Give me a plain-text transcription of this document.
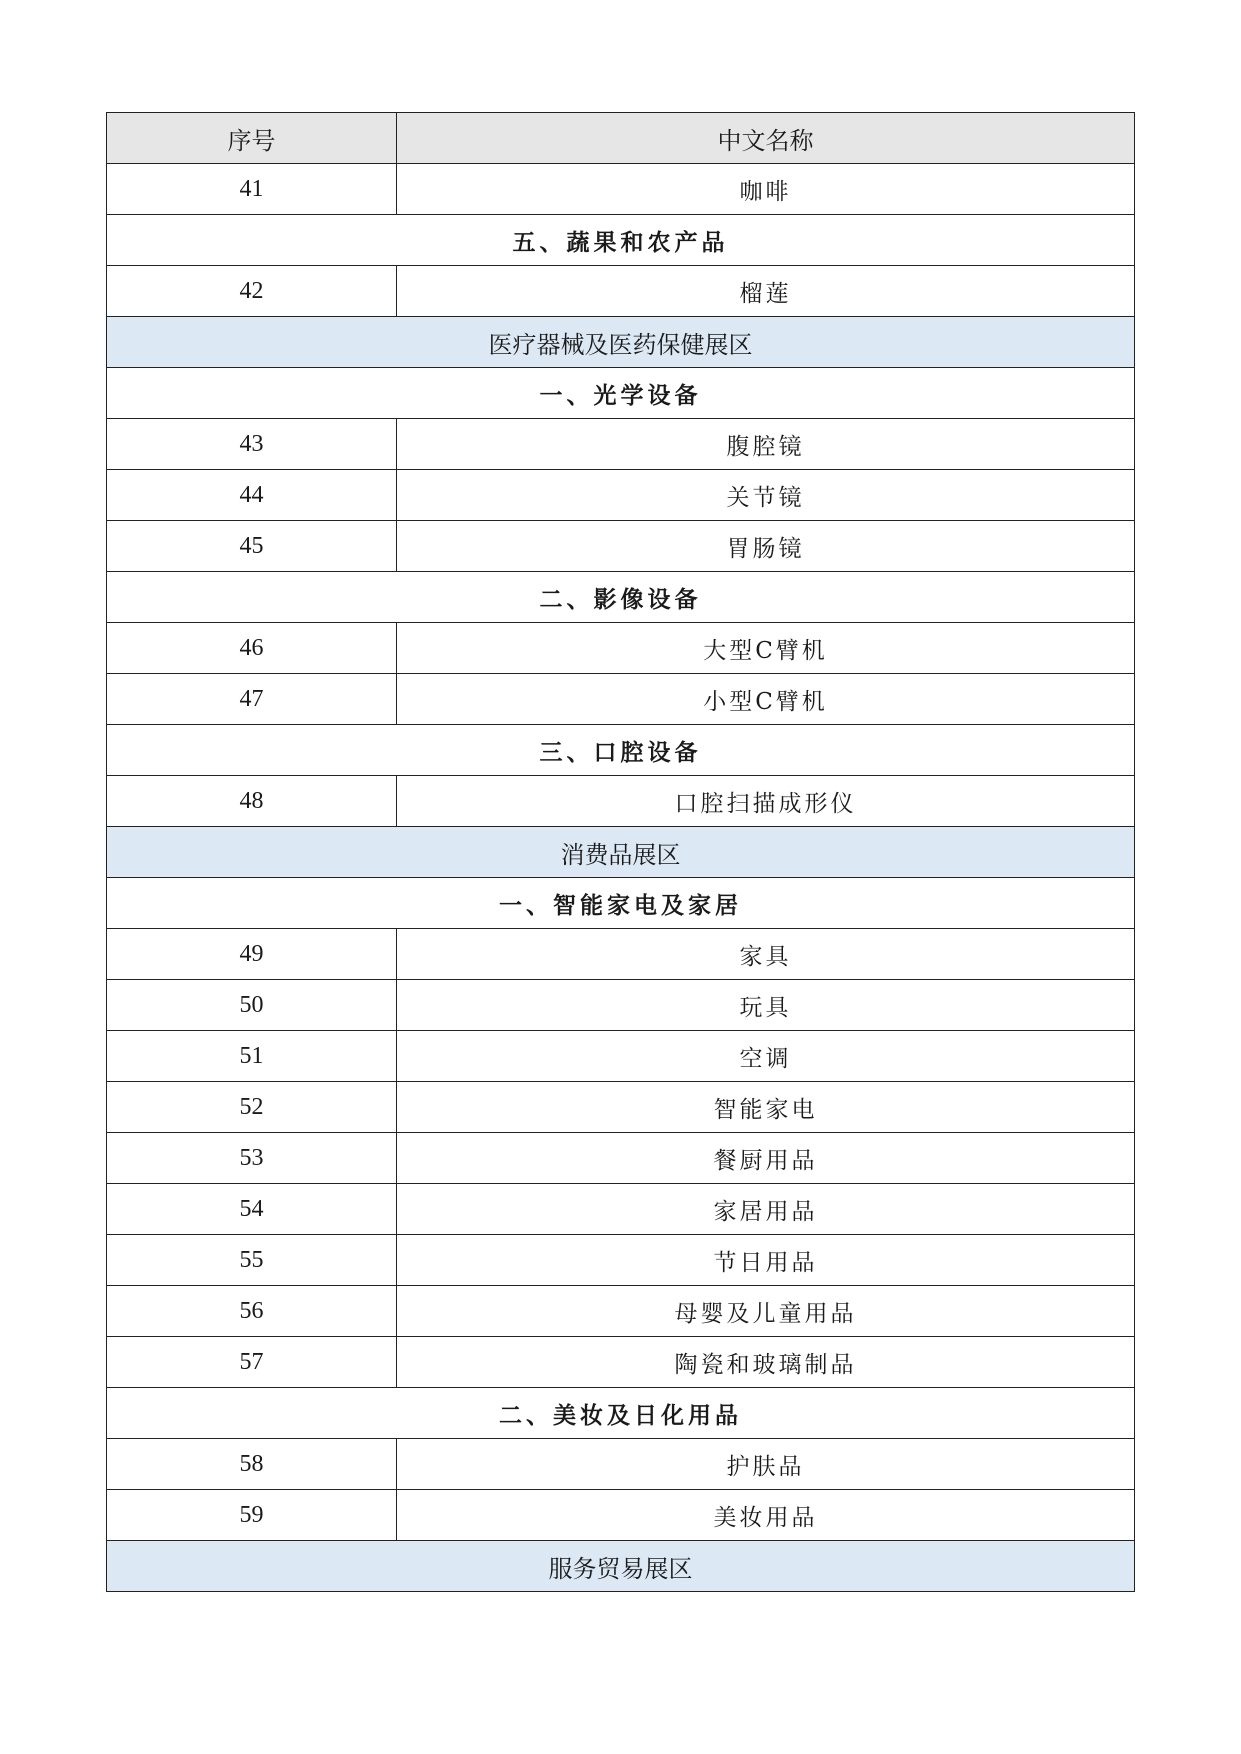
序号	中文名称
41	咖啡
五、蔬果和农产品	
42	榴莲
医疗器械及医药保健展区	
一、光学设备	
43	腹腔镜
44	关节镜
45	胃肠镜
二、影像设备	
46	大型C臂机
47	小型C臂机
三、口腔设备	
48	口腔扫描成形仪
消费品展区	
一、智能家电及家居	
49	家具
50	玩具
51	空调
52	智能家电
53	餐厨用品
54	家居用品
55	节日用品
56	母婴及儿童用品
57	陶瓷和玻璃制品
二、美妆及日化用品	
58	护肤品
59	美妆用品
服务贸易展区	
